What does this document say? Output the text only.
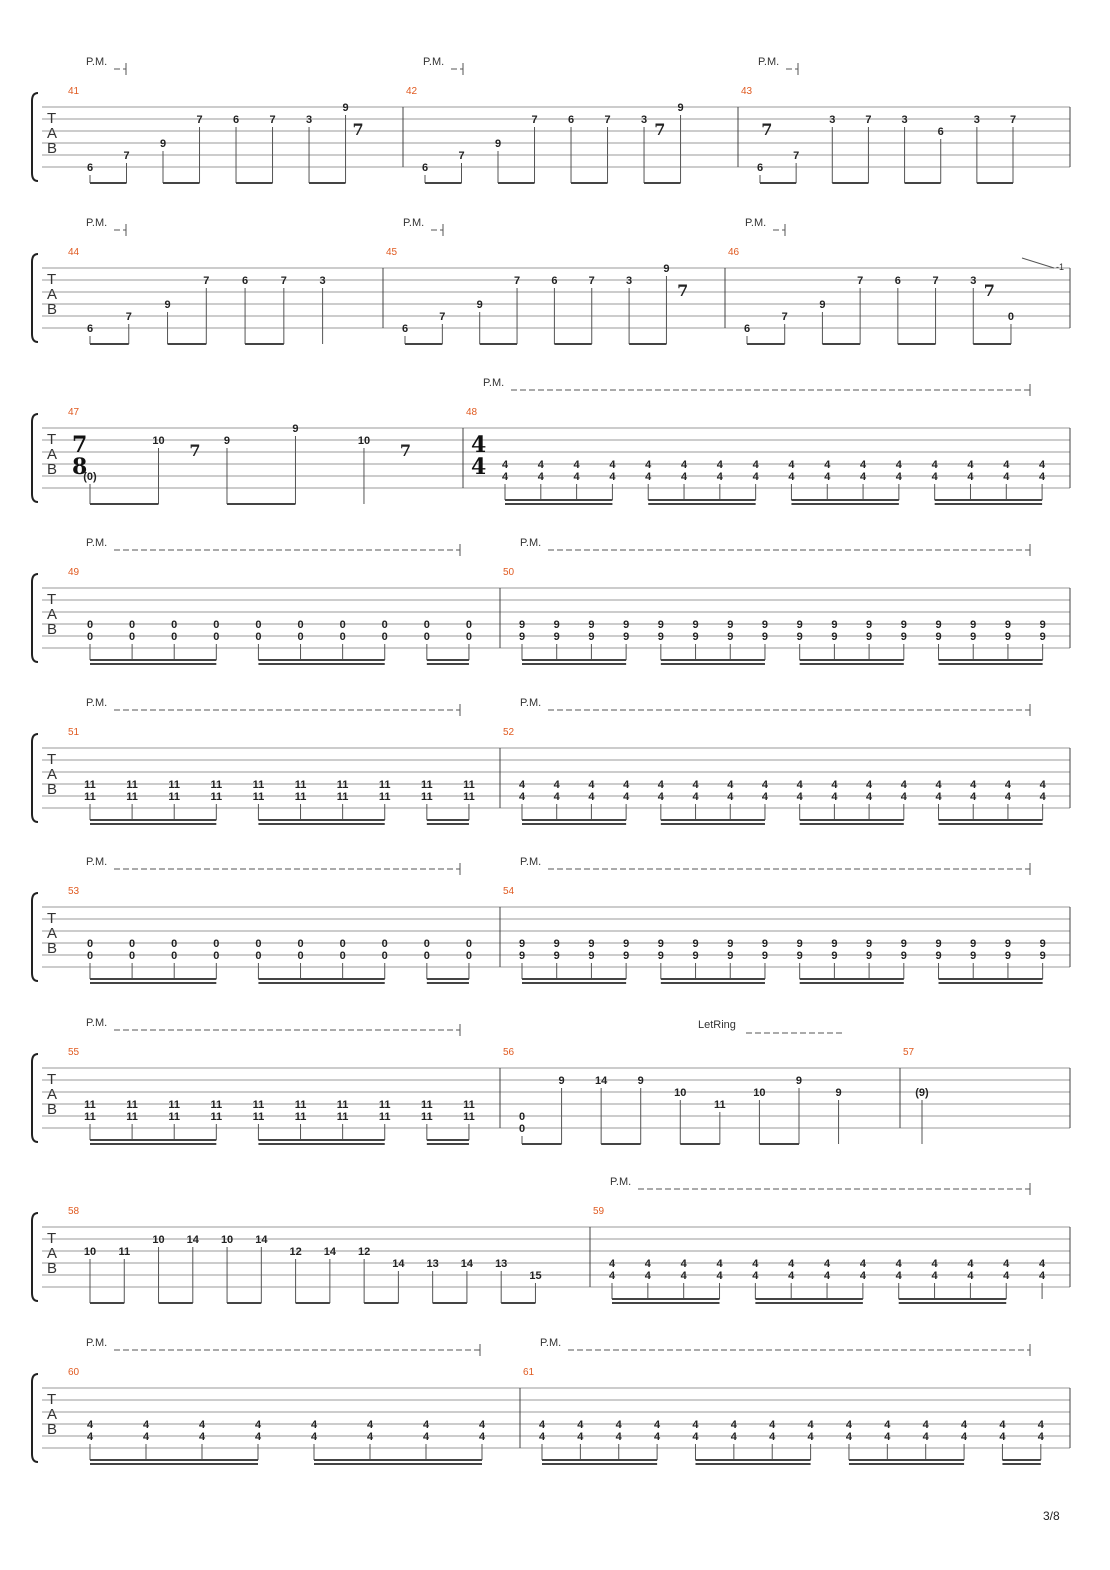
T
A
B
41
P.M.
6
7
9
7	6	7	3
9
7
42
P.M.
6
7
9
7	6	7	3
9
7
43
P.M.
6
7
3	7	3
6
3	7
7
T
A
B
44
P.M.
6
7
9
7	6	7	3
45
P.M.
6
7
9
7	6	7	3
9
7
46
P.M.
6
7
9
7	6	7	3
0
7
-1
T
A
B
47
7
8
(0)
10	9
9
10
7	7
48
P.M.
4
4 4
4
4
4
4
4
4
4
4
4
4
4
4
4
4
4
4
4
4
4
4
4
4
4
4
4
4
4
4
4
4
4
T
A
B
49
P.M.
0
0
0
0
0
0
0
0
0
0
0
0
0
0
0
0
0
0
0
0
50
P.M.
9
9
9
9
9
9
9
9
9
9
9
9
9
9
9
9
9
9
9
9
9
9
9
9
9
9
9
9
9
9
9
9
T
A
B
51
P.M.
11
11
11
11
11
11
11
11
11
11
11
11
11
11
11
11
11
11
11
11
52
P.M.
4
4
4
4
4
4
4
4
4
4
4
4
4
4
4
4
4
4
4
4
4
4
4
4
4
4
4
4
4
4
4
4
T
A
B
53
P.M.
0
0
0
0
0
0
0
0
0
0
0
0
0
0
0
0
0
0
0
0
54
P.M.
9
9
9
9
9
9
9
9
9
9
9
9
9
9
9
9
9
9
9
9
9
9
9
9
9
9
9
9
9
9
9
9
T
A
B
55
P.M.
11
11
11
11
11
11
11
11
11
11
11
11
11
11
11
11
11
11
11
11
56
LetRing
0
0
9	14	9
10
11
10
9
9
57
(9)
T
A
B
58
10 11
10 14 10 14
12 14 12
14 13 14 13
15
59
P.M.
4
4
4
4
4
4
4
4
4
4
4
4
4
4
4
4
4
4
4
4
4
4
4
4
4
4
T
A
B
60
P.M.
4
4
4
4
4
4
4
4
4
4
4
4
4
4
4
4
61
P.M.
4
4
4
4
4
4
4
4
4
4
4
4
4
4
4
4
4
4
4
4
4
4
4
4
4
4
4
4
3/8
